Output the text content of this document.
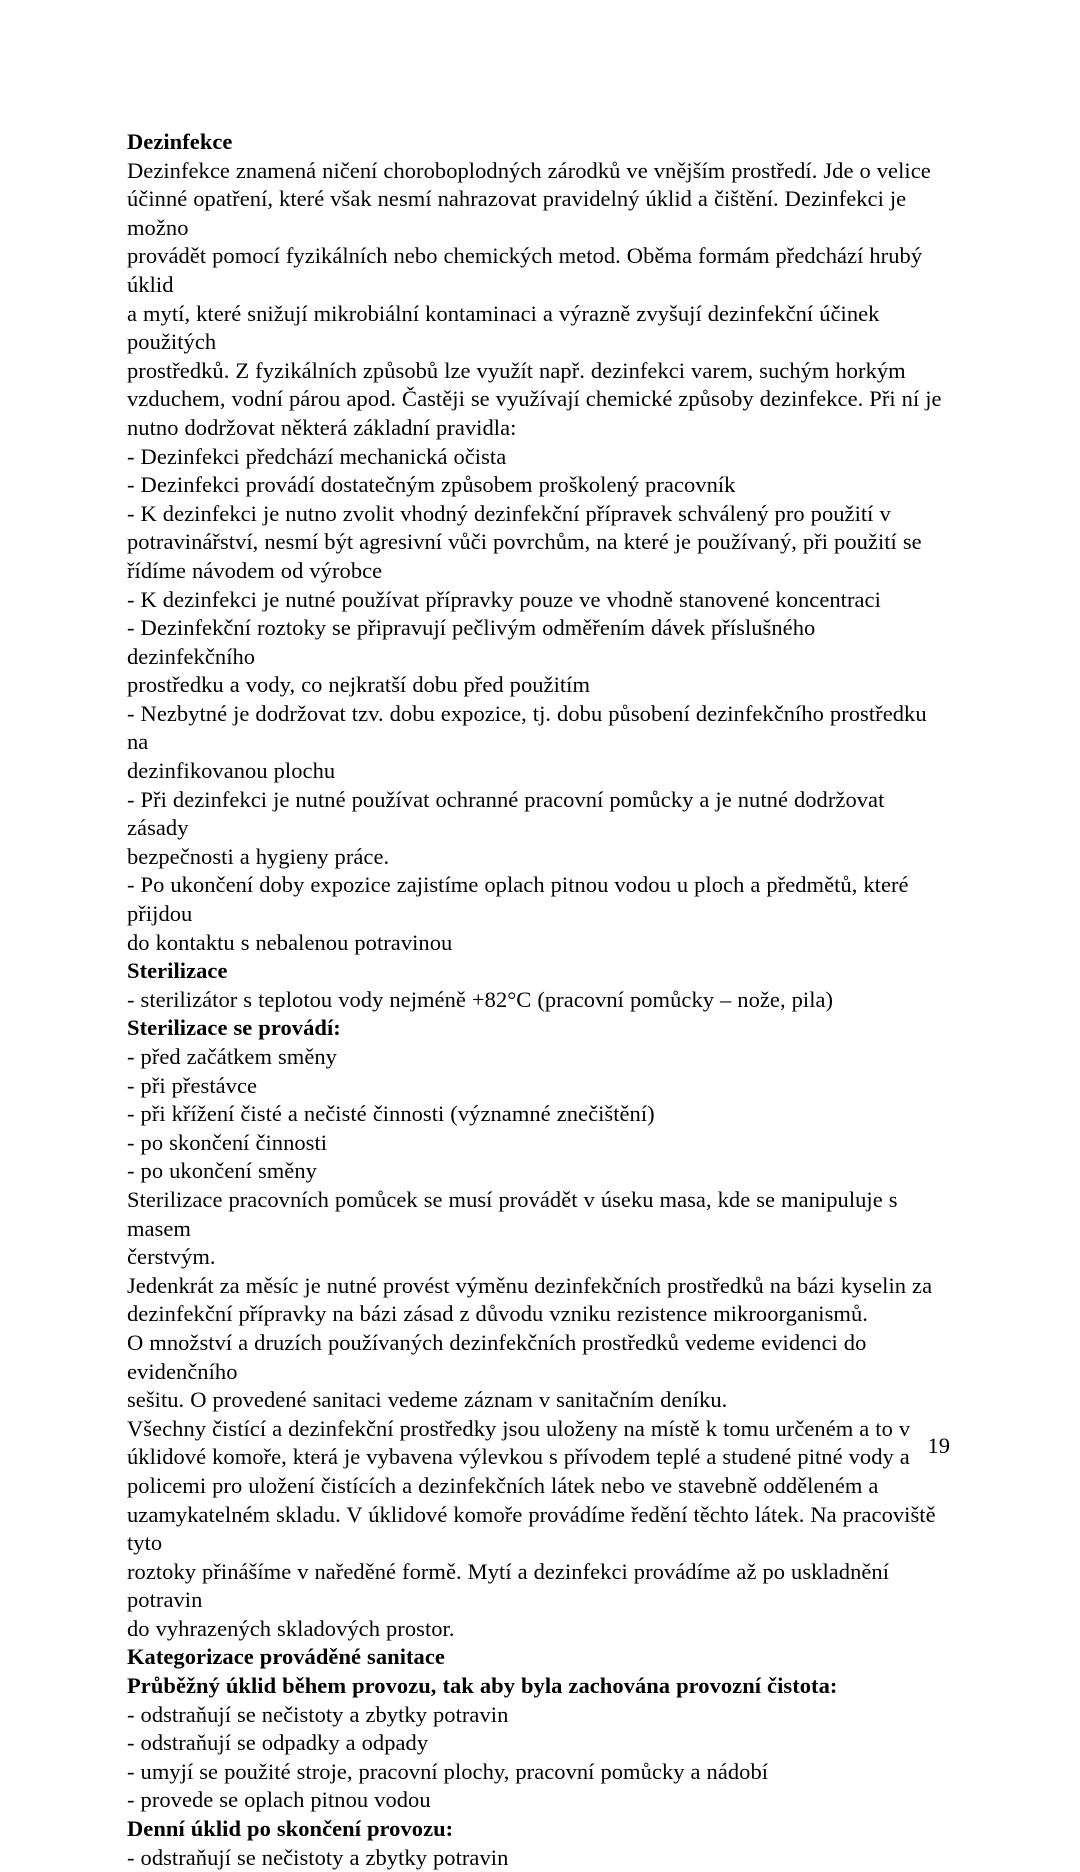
Dezinfekce
Dezinfekce znamená ničení choroboplodných zárodků ve vnějším prostředí. Jde o velice
účinné opatření, které však nesmí nahrazovat pravidelný úklid a čištění. Dezinfekci je možno
provádět pomocí fyzikálních nebo chemických metod. Oběma formám předchází hrubý úklid
a mytí, které snižují mikrobiální kontaminaci a výrazně zvyšují dezinfekční účinek použitých
prostředků. Z fyzikálních způsobů lze využít např. dezinfekci varem, suchým horkým
vzduchem, vodní párou apod. Častěji se využívají chemické způsoby dezinfekce. Při ní je
nutno dodržovat některá základní pravidla:
- Dezinfekci předchází mechanická očista
- Dezinfekci provádí dostatečným způsobem proškolený pracovník
- K dezinfekci je nutno zvolit vhodný dezinfekční přípravek schválený pro použití v
potravinářství, nesmí být agresivní vůči povrchům, na které je používaný, při použití se
řídíme návodem od výrobce
- K dezinfekci je nutné používat přípravky pouze ve vhodně stanovené koncentraci
- Dezinfekční roztoky se připravují pečlivým odměřením dávek příslušného dezinfekčního
prostředku a vody, co nejkratší dobu před použitím
- Nezbytné je dodržovat tzv. dobu expozice, tj. dobu působení dezinfekčního prostředku na
dezinfikovanou plochu
- Při dezinfekci je nutné používat ochranné pracovní pomůcky a je nutné dodržovat zásady
bezpečnosti a hygieny práce.
- Po ukončení doby expozice zajistíme oplach pitnou vodou u ploch a předmětů, které přijdou
do kontaktu s nebalenou potravinou
Sterilizace
- sterilizátor s teplotou vody nejméně +82°C (pracovní pomůcky – nože, pila)
Sterilizace se provádí:
- před začátkem směny
- při přestávce
- při křížení čisté a nečisté činnosti (významné znečištění)
- po skončení činnosti
- po ukončení směny
Sterilizace pracovních pomůcek se musí provádět v úseku masa, kde se manipuluje s masem
čerstvým.
Jedenkrát za měsíc je nutné provést výměnu dezinfekčních prostředků na bázi kyselin za
dezinfekční přípravky na bázi zásad z důvodu vzniku rezistence mikroorganismů.
O množství a druzích používaných dezinfekčních prostředků vedeme evidenci do evidenčního
sešitu. O provedené sanitaci vedeme záznam v sanitačním deníku.
Všechny čistící a dezinfekční prostředky jsou uloženy na místě k tomu určeném a to v
úklidové komoře, která je vybavena výlevkou s přívodem teplé a studené pitné vody a
policemi pro uložení čistících a dezinfekčních látek nebo ve stavebně odděleném a
uzamykatelném skladu. V úklidové komoře provádíme ředění těchto látek. Na pracoviště tyto
roztoky přinášíme v naředěné formě. Mytí a dezinfekci provádíme až po uskladnění potravin
do vyhrazených skladových prostor.
Kategorizace prováděné sanitace
Průběžný úklid během provozu, tak aby byla zachována provozní čistota:
- odstraňují se nečistoty a zbytky potravin
- odstraňují se odpadky a odpady
- umyjí se použité stroje, pracovní plochy, pracovní pomůcky a nádobí
- provede se oplach pitnou vodou
Denní úklid po skončení provozu:
- odstraňují se nečistoty a zbytky potravin
19
